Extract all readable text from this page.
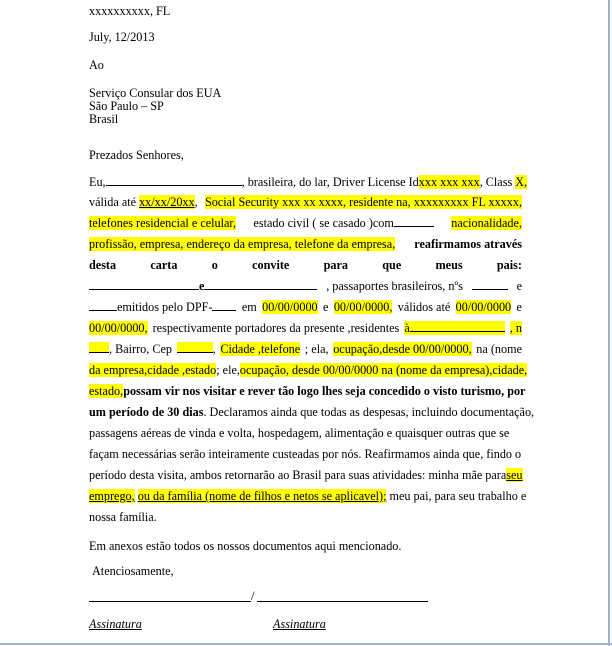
xxxxxxxxxx, FL
July, 12/2013
Ao
Serviço Consular dos EUA
São Paulo – SP
Brasil
Prezados Senhores,
Eu,	, brasileira, do lar, Driver License Id xxx xxx xxx , Class X,
válida até xx/xx/20xx, Social Security xxx xx xxxx, residente na, xxxxxxxxx FL xxxxx,
telefones residencial e celular, estado civil ( se casado )com	nacionalidade,
profissão, empresa, endereço da empresa, telefone da empresa, reafirmamos através
desta	carta	o	convite	para	que	meus	pais:
e	, passaportes brasileiros, nºs	e
emitidos pelo DPF-	em 00/00/0000 e 00/00/0000, válidos até 00/00/0000 e
00/00/0000, respectivamente portadores da presente ,residentes à	, n
, Bairro, Cep	, Cidade ,telefone ; ela, ocupação,desde 00/00/0000, na (nome
da empresa,cidade ,estado ; ele, ocupação, desde 00/00/0000 na (nome da empresa),cidade,
estado, possam vir nos visitar e rever tão logo lhes seja concedido o visto turismo, por
um período de 30 dias. Declaramos ainda que todas as despesas, incluindo documentação,
passagens aéreas de vinda e volta, hospedagem, alimentação e quaisquer outras que se
façam necessárias serão inteiramente custeadas por nós. Reafirmamos ainda que, findo o
período desta visita, ambos retornarão ao Brasil para suas atividades: minha mãe para seu
emprego, ou da família (nome de filhos e netos se aplicavel); meu pai, para seu trabalho e
nossa família.
Em anexos estão todos os nossos documentos aqui mencionado.
Atenciosamente,
/
Assinatura	Assinatura
